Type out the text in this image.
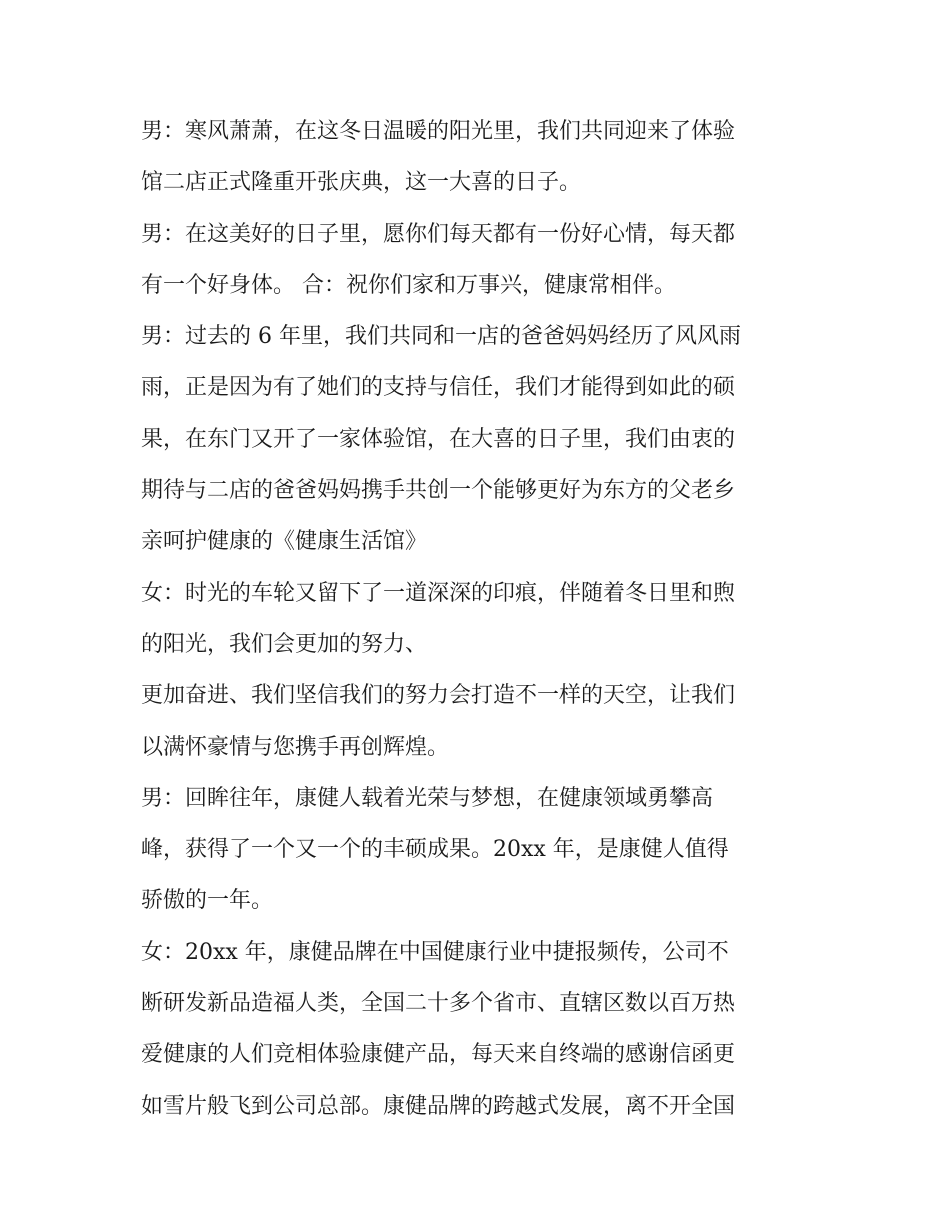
男：寒风萧萧，在这冬日温暖的阳光里，我们共同迎来了体验
馆二店正式隆重开张庆典，这一大喜的日子。
男：在这美好的日子里，愿你们每天都有一份好心情，每天都
有一个好身体。 合：祝你们家和万事兴，健康常相伴。
男：过去的 6 年里，我们共同和一店的爸爸妈妈经历了风风雨
雨，正是因为有了她们的支持与信任，我们才能得到如此的硕
果，在东门又开了一家体验馆，在大喜的日子里，我们由衷的
期待与二店的爸爸妈妈携手共创一个能够更好为东方的父老乡
亲呵护健康的《健康生活馆》
女：时光的车轮又留下了一道深深的印痕，伴随着冬日里和煦
的阳光，我们会更加的努力、
更加奋进、我们坚信我们的努力会打造不一样的天空，让我们
以满怀豪情与您携手再创辉煌。
男：回眸往年，康健人载着光荣与梦想，在健康领域勇攀高
峰，获得了一个又一个的丰硕成果。20xx 年，是康健人值得
骄傲的一年。
女：20xx 年，康健品牌在中国健康行业中捷报频传，公司不
断研发新品造福人类，全国二十多个省市、直辖区数以百万热
爱健康的人们竞相体验康健产品，每天来自终端的感谢信函更
如雪片般飞到公司总部。康健品牌的跨越式发展，离不开全国
